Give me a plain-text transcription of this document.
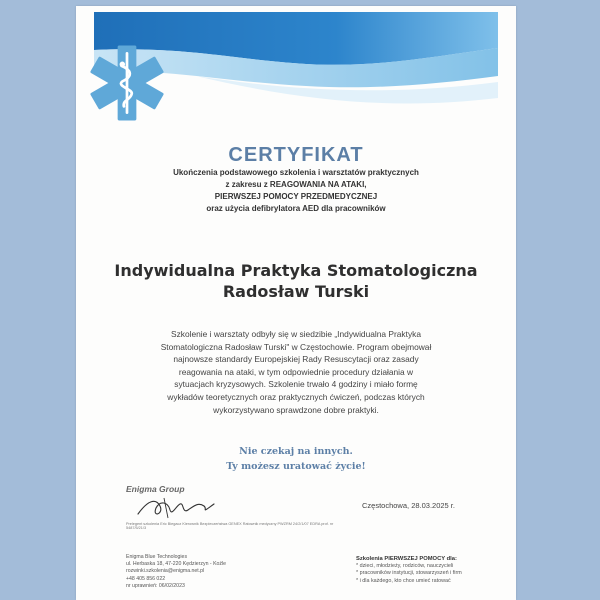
CERTYFIKAT
Ukończenia podstawowego szkolenia i warsztatów praktycznych
z zakresu z REAGOWANIA NA ATAKI,
PIERWSZEJ POMOCY PRZEDMEDYCZNEJ
oraz użycia defibrylatora AED dla pracowników
Indywidualna Praktyka Stomatologiczna
Radosław Turski
Szkolenie i warsztaty odbyły się w siedzibie „Indywidualna Praktyka
Stomatologiczna Radosław Turski" w Częstochowie. Program obejmował
najnowsze standardy Europejskiej Rady Resuscytacji oraz zasady
reagowania na ataki, w tym odpowiednie procedury działania w
sytuacjach kryzysowych. Szkolenie trwało 4 godziny i miało formę
wykładów teoretycznych oraz praktycznych ćwiczeń, podczas których
wykorzystywano sprawdzone dobre praktyki.
Nie czekaj na innych.
Ty możesz uratować życie!
Enigma Group
Częstochowa, 28.03.2025 r.
Prelegent szkolenia Eric Biegacz Kierownik Bezpieczeństwa GENEX Ratownik medyczny PWZRM 24/2/1/07 EDRA prof. nr 5487/5/21/3
Enigma Blue Technologies
ul. Herbaska 18, 47-220 Kędzierzyn - Koźle
rozwinki.szkolenia@enigma.net.pl
+48 405 856 022
nr uprawnień: 06/02/2023
Szkolenia PIERWSZEJ POMOCY dla:
* dzieci, młodzieży, rodziców, nauczycieli
* pracowników instytucji, stowarzyszeń i firm
* i dla każdego, kto chce umieć ratować
